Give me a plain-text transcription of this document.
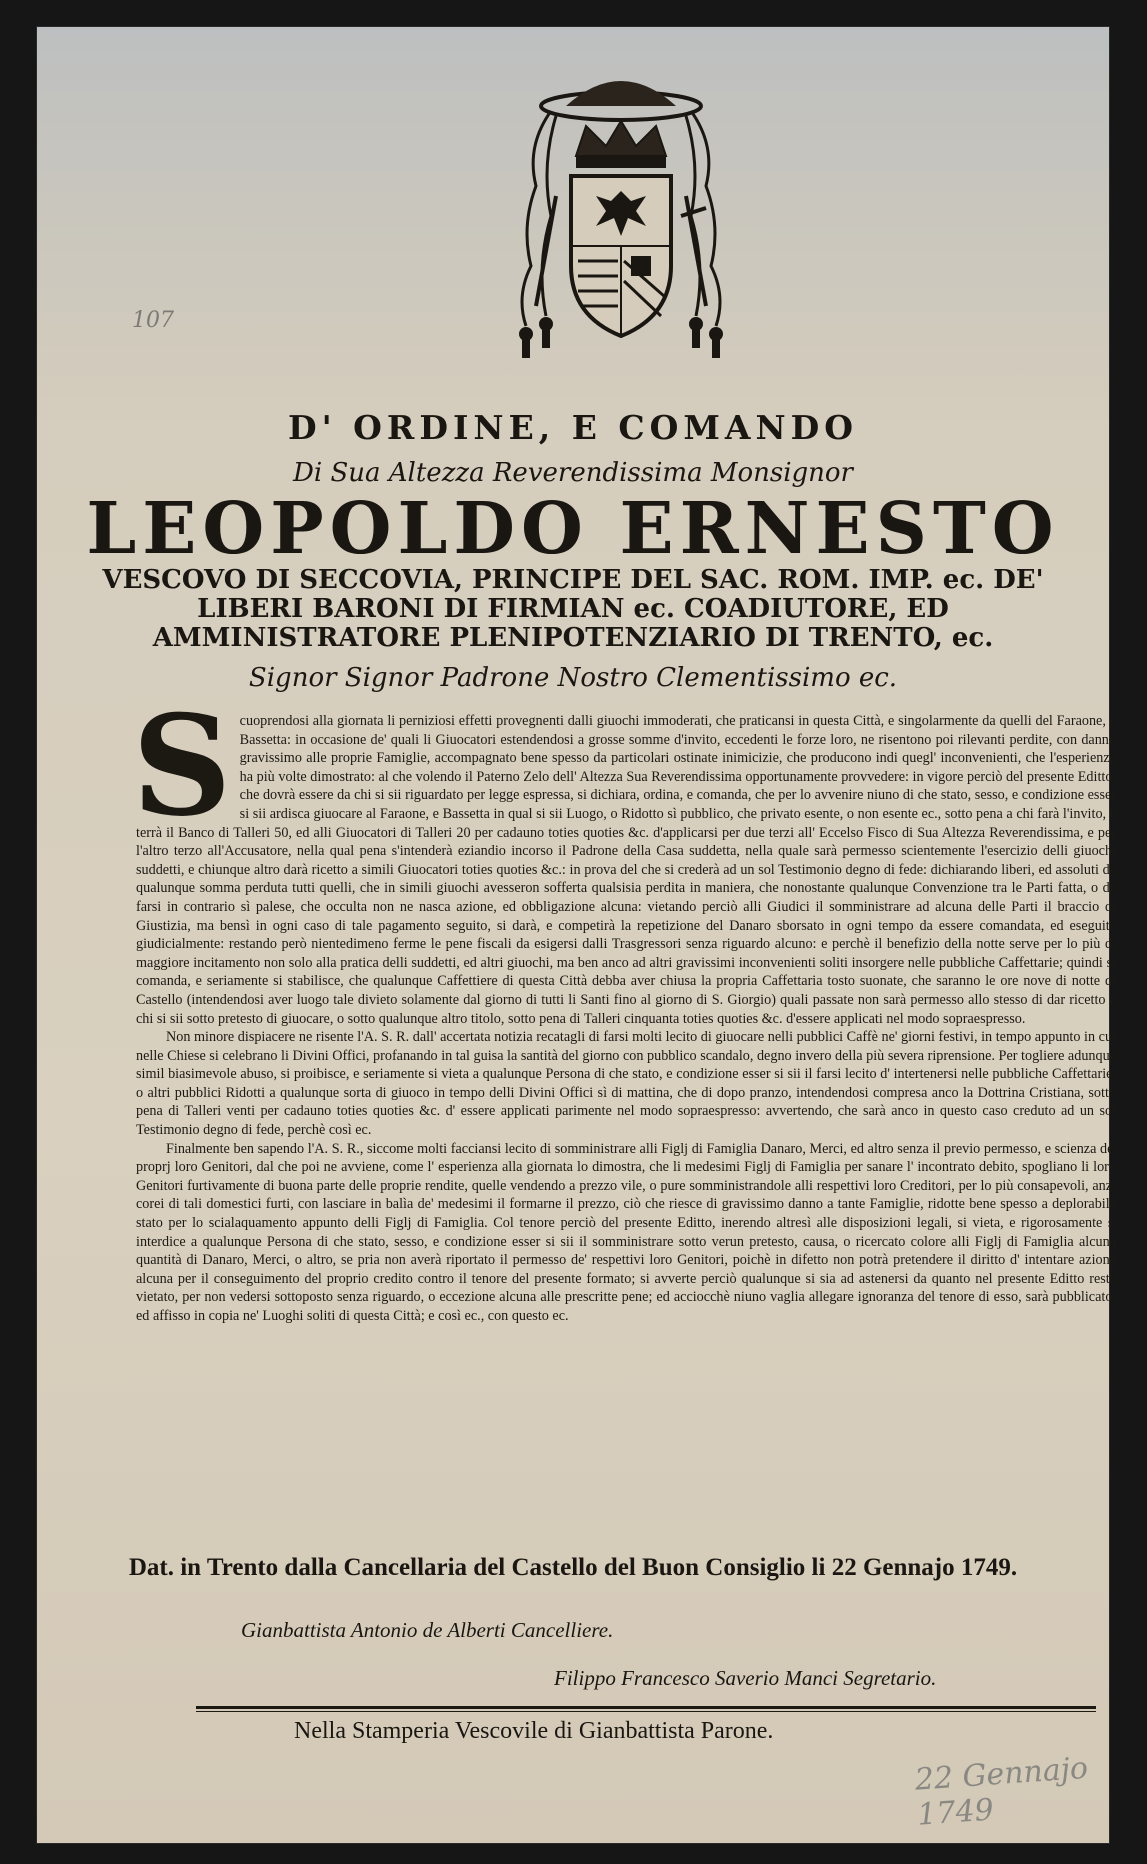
107
D' ORDINE, E COMANDO
Di Sua Altezza Reverendissima Monsignor
LEOPOLDO ERNESTO
VESCOVO DI SECCOVIA, PRINCIPE DEL SAC. ROM. IMP. ec. DE' LIBERI BARONI DI FIRMIAN ec. COADIUTORE, ED AMMINISTRATORE PLENIPOTENZIARIO DI TRENTO, ec.
Signor Signor Padrone Nostro Clementissimo ec.

Scuoprendosi alla giornata li perniziosi effetti provegnenti dalli giuochi immoderati, che praticansi in questa Città, e singolarmente da quelli del Faraone, e Bassetta: in occasione de' quali li Giuocatori estendendosi a grosse somme d'invito, eccedenti le forze loro, ne risentono poi rilevanti perdite, con danno gravissimo alle proprie Famiglie, accompagnato bene spesso da particolari ostinate inimicizie, che producono indi quegl' inconvenienti, che l'esperienza ha più volte dimostrato: al che volendo il Paterno Zelo dell' Altezza Sua Reverendissima opportunamente provvedere: in vigore perciò del presente Editto, che dovrà essere da chi si sii riguardato per legge espressa, si dichiara, ordina, e comanda, che per lo avvenire niuno di che stato, sesso, e condizione esser si sii ardisca giuocare al Faraone, e Bassetta in qual si sii Luogo, o Ridotto sì pubblico, che privato esente, o non esente ec., sotto pena a chi farà l'invito, e terrà il Banco di Talleri 50, ed alli Giuocatori di Talleri 20 per cadauno toties quoties &c. d'applicarsi per due terzi all' Eccelso Fisco di Sua Altezza Reverendissima, e per l'altro terzo all'Accusatore, nella qual pena s'intenderà eziandio incorso il Padrone della Casa suddetta, nella quale sarà permesso scientemente l'esercizio delli giuochi suddetti, e chiunque altro darà ricetto a simili Giuocatori toties quoties &c.: in prova del che si crederà ad un sol Testimonio degno di fede: dichiarando liberi, ed assoluti da qualunque somma perduta tutti quelli, che in simili giuochi avesseron sofferta qualsisia perdita in maniera, che nonostante qualunque Convenzione tra le Parti fatta, o da farsi in contrario sì palese, che occulta non ne nasca azione, ed obbligazione alcuna: vietando perciò alli Giudici il somministrare ad alcuna delle Parti il braccio di Giustizia, ma bensì in ogni caso di tale pagamento seguito, si darà, e competirà la repetizione del Danaro sborsato in ogni tempo da essere comandata, ed eseguita giudicialmente: restando però nientedimeno ferme le pene fiscali da esigersi dalli Trasgressori senza riguardo alcuno: e perchè il benefizio della notte serve per lo più di maggiore incitamento non solo alla pratica delli suddetti, ed altri giuochi, ma ben anco ad altri gravissimi inconvenienti soliti insorgere nelle pubbliche Caffettarie; quindi si comanda, e seriamente si stabilisce, che qualunque Caffettiere di questa Città debba aver chiusa la propria Caffettaria tosto suonate, che saranno le ore nove di notte di Castello (intendendosi aver luogo tale divieto solamente dal giorno di tutti li Santi fino al giorno di S. Giorgio) quali passate non sarà permesso allo stesso di dar ricetto a chi si sii sotto pretesto di giuocare, o sotto qualunque altro titolo, sotto pena di Talleri cinquanta toties quoties &c. d'essere applicati nel modo sopraespresso.

Non minore dispiacere ne risente l'A. S. R. dall' accertata notizia recatagli di farsi molti lecito di giuocare nelli pubblici Caffè ne' giorni festivi, in tempo appunto in cui nelle Chiese si celebrano li Divini Offici, profanando in tal guisa la santità del giorno con pubblico scandalo, degno invero della più severa riprensione. Per togliere adunque simil biasimevole abuso, si proibisce, e seriamente si vieta a qualunque Persona di che stato, e condizione esser si sii il farsi lecito d' intertenersi nelle pubbliche Caffettarie, o altri pubblici Ridotti a qualunque sorta di giuoco in tempo delli Divini Offici sì di mattina, che di dopo pranzo, intendendosi compresa anco la Dottrina Cristiana, sotto pena di Talleri venti per cadauno toties quoties &c. d' essere applicati parimente nel modo sopraespresso: avvertendo, che sarà anco in questo caso creduto ad un sol Testimonio degno di fede, perchè così ec.

Finalmente ben sapendo l'A. S. R., siccome molti facciansi lecito di somministrare alli Figlj di Famiglia Danaro, Merci, ed altro senza il previo permesso, e scienza de' proprj loro Genitori, dal che poi ne avviene, come l' esperienza alla giornata lo dimostra, che li medesimi Figlj di Famiglia per sanare l' incontrato debito, spogliano li loro Genitori furtivamente di buona parte delle proprie rendite, quelle vendendo a prezzo vile, o pure somministrandole alli respettivi loro Creditori, per lo più consapevoli, anzi corei di tali domestici furti, con lasciare in balìa de' medesimi il formarne il prezzo, ciò che riesce di gravissimo danno a tante Famiglie, ridotte bene spesso a deplorabile stato per lo scialaquamento appunto delli Figlj di Famiglia. Col tenore perciò del presente Editto, inerendo altresì alle disposizioni legali, si vieta, e rigorosamente s' interdice a qualunque Persona di che stato, sesso, e condizione esser si sii il somministrare sotto verun pretesto, causa, o ricercato colore alli Figlj di Famiglia alcuna quantità di Danaro, Merci, o altro, se pria non averà riportato il permesso de' respettivi loro Genitori, poichè in difetto non potrà pretendere il diritto d' intentare azione alcuna per il conseguimento del proprio credito contro il tenore del presente formato; si avverte perciò qualunque si sia ad astenersi da quanto nel presente Editto resta vietato, per non vedersi sottoposto senza riguardo, o eccezione alcuna alle prescritte pene; ed acciocchè niuno vaglia allegare ignoranza del tenore di esso, sarà pubblicato, ed affisso in copia ne' Luoghi soliti di questa Città; e così ec., con questo ec.

Dat. in Trento dalla Cancellaria del Castello del Buon Consiglio li 22 Gennajo 1749.
Gianbattista Antonio de Alberti Cancelliere.
Filippo Francesco Saverio Manci Segretario.
Nella Stamperia Vescovile di Gianbattista Parone.
22 Gennajo 1749
